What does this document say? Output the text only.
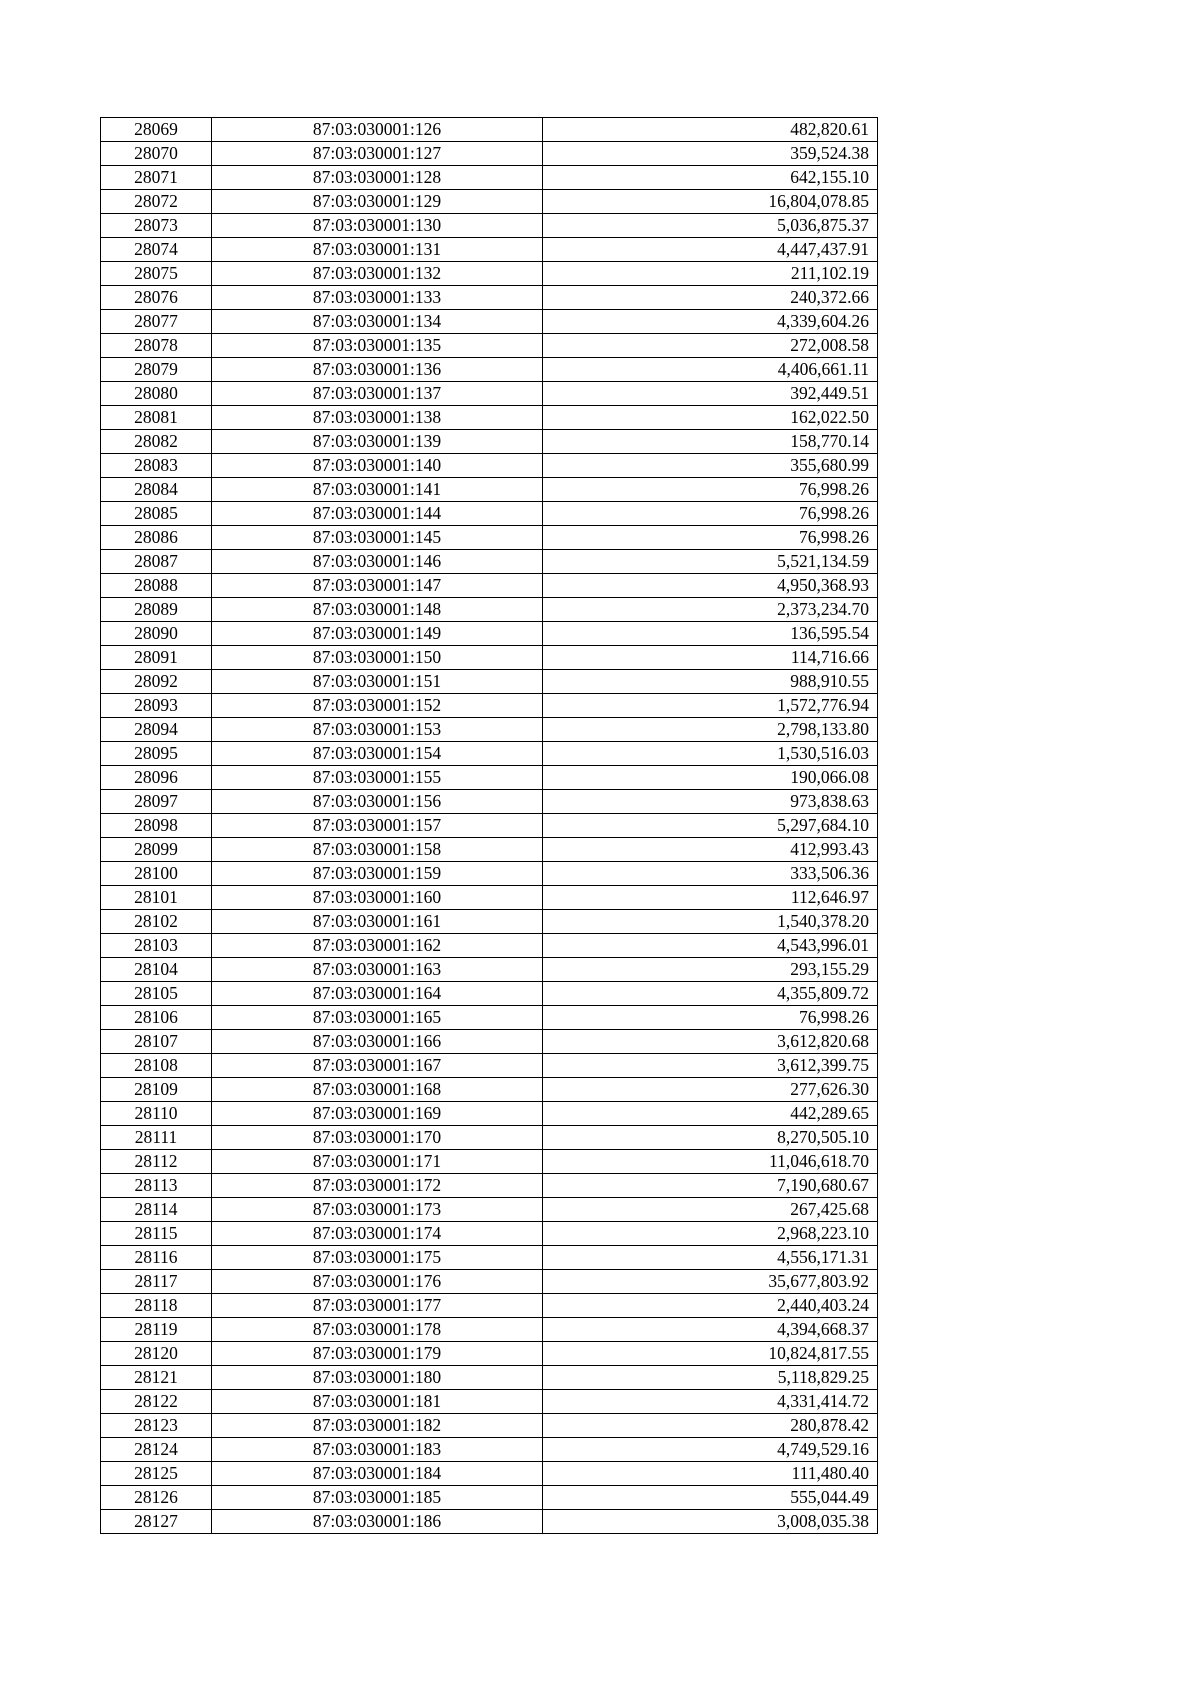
28069	87:03:030001:126	482,820.61
28070	87:03:030001:127	359,524.38
28071	87:03:030001:128	642,155.10
28072	87:03:030001:129	16,804,078.85
28073	87:03:030001:130	5,036,875.37
28074	87:03:030001:131	4,447,437.91
28075	87:03:030001:132	211,102.19
28076	87:03:030001:133	240,372.66
28077	87:03:030001:134	4,339,604.26
28078	87:03:030001:135	272,008.58
28079	87:03:030001:136	4,406,661.11
28080	87:03:030001:137	392,449.51
28081	87:03:030001:138	162,022.50
28082	87:03:030001:139	158,770.14
28083	87:03:030001:140	355,680.99
28084	87:03:030001:141	76,998.26
28085	87:03:030001:144	76,998.26
28086	87:03:030001:145	76,998.26
28087	87:03:030001:146	5,521,134.59
28088	87:03:030001:147	4,950,368.93
28089	87:03:030001:148	2,373,234.70
28090	87:03:030001:149	136,595.54
28091	87:03:030001:150	114,716.66
28092	87:03:030001:151	988,910.55
28093	87:03:030001:152	1,572,776.94
28094	87:03:030001:153	2,798,133.80
28095	87:03:030001:154	1,530,516.03
28096	87:03:030001:155	190,066.08
28097	87:03:030001:156	973,838.63
28098	87:03:030001:157	5,297,684.10
28099	87:03:030001:158	412,993.43
28100	87:03:030001:159	333,506.36
28101	87:03:030001:160	112,646.97
28102	87:03:030001:161	1,540,378.20
28103	87:03:030001:162	4,543,996.01
28104	87:03:030001:163	293,155.29
28105	87:03:030001:164	4,355,809.72
28106	87:03:030001:165	76,998.26
28107	87:03:030001:166	3,612,820.68
28108	87:03:030001:167	3,612,399.75
28109	87:03:030001:168	277,626.30
28110	87:03:030001:169	442,289.65
28111	87:03:030001:170	8,270,505.10
28112	87:03:030001:171	11,046,618.70
28113	87:03:030001:172	7,190,680.67
28114	87:03:030001:173	267,425.68
28115	87:03:030001:174	2,968,223.10
28116	87:03:030001:175	4,556,171.31
28117	87:03:030001:176	35,677,803.92
28118	87:03:030001:177	2,440,403.24
28119	87:03:030001:178	4,394,668.37
28120	87:03:030001:179	10,824,817.55
28121	87:03:030001:180	5,118,829.25
28122	87:03:030001:181	4,331,414.72
28123	87:03:030001:182	280,878.42
28124	87:03:030001:183	4,749,529.16
28125	87:03:030001:184	111,480.40
28126	87:03:030001:185	555,044.49
28127	87:03:030001:186	3,008,035.38
